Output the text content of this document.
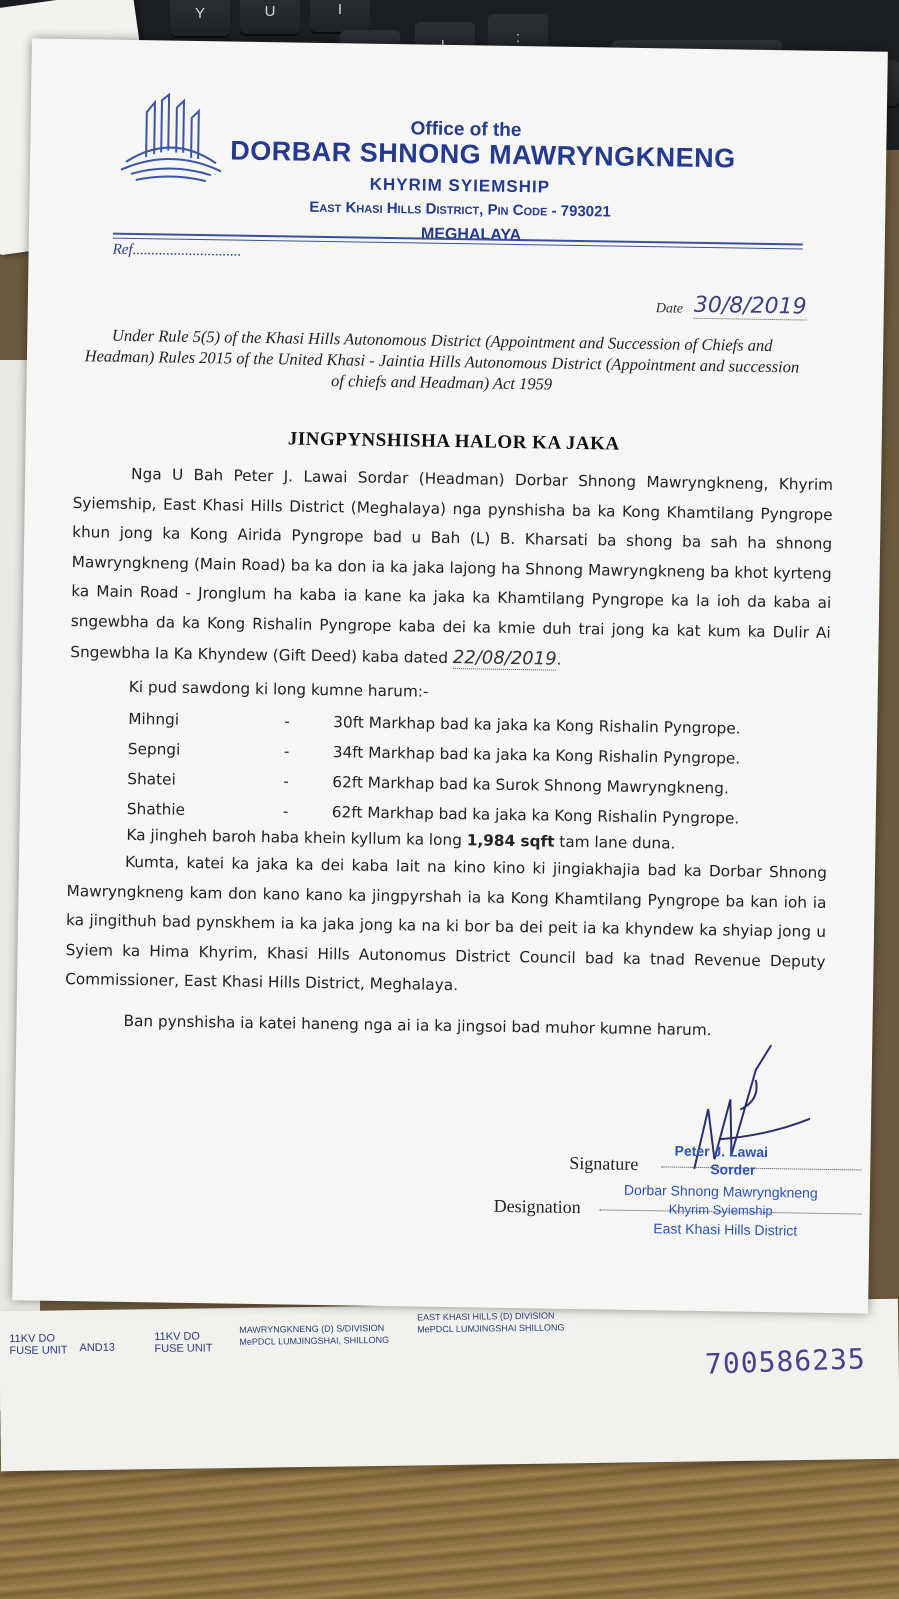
Y	U	I
:
11KV DO FUSE UNIT	AND13
11KV DO FUSE UNIT
MAWRYNGKNENG (D) S/DIVISION MePDCL LUMJINGSHAI, SHILLONG
EAST KHASI HILLS (D) DIVISION MePDCL LUMJINGSHAI SHILLONG
700586235
Office of the
DORBAR SHNONG MAWRYNGKNENG
KHYRIM SYIEMSHIP
East Khasi Hills District, Pin Code - 793021
MEGHALAYA
Ref.............................
Date 30/8/2019
Under Rule 5(5) of the Khasi Hills Autonomous District (Appointment and Succession of Chiefs and Headman) Rules 2015 of the United Khasi - Jaintia Hills Autonomous District (Appointment and succession of chiefs and Headman) Act 1959
JINGPYNSHISHA HALOR KA JAKA
Nga U Bah Peter J. Lawai Sordar (Headman) Dorbar Shnong Mawryngkneng, Khyrim Syiemship, East Khasi Hills District (Meghalaya) nga pynshisha ba ka Kong Khamtilang Pyngrope khun jong ka Kong Airida Pyngrope bad u Bah (L) B. Kharsati ba shong ba sah ha shnong Mawryngkneng (Main Road) ba ka don ia ka jaka lajong ha Shnong Mawryngkneng ba khot kyrteng ka Main Road - Jronglum ha kaba ia kane ka jaka ka Khamtilang Pyngrope ka la ioh da kaba ai sngewbha da ka Kong Rishalin Pyngrope kaba dei ka kmie duh trai jong ka kat kum ka Dulir Ai Sngewbha Ia Ka Khyndew (Gift Deed) kaba dated 22/08/2019.
Ki pud sawdong ki long kumne harum:-
Mihngi	-	30ft Markhap bad ka jaka ka Kong Rishalin Pyngrope.
Sepngi	-	34ft Markhap bad ka jaka ka Kong Rishalin Pyngrope.
Shatei	-	62ft Markhap bad ka Surok Shnong Mawryngkneng.
Shathie	-	62ft Markhap bad ka jaka ka Kong Rishalin Pyngrope.
Ka jingheh baroh haba khein kyllum ka long 1,984 sqft tam lane duna.
Kumta, katei ka jaka ka dei kaba lait na kino kino ki jingiakhajia bad ka Dorbar Shnong Mawryngkneng kam don kano kano ka jingpyrshah ia ka Kong Khamtilang Pyngrope ba kan ioh ia ka jingithuh bad pynskhem ia ka jaka jong ka na ki bor ba dei peit ia ka khyndew ka shyiap jong u Syiem ka Hima Khyrim, Khasi Hills Autonomus District Council bad ka tnad Revenue Deputy Commissioner, East Khasi Hills District, Meghalaya.
Ban pynshisha ia katei haneng nga ai ia ka jingsoi bad muhor kumne harum.
Signature
Peter J. Lawai
Sorder
Designation
Dorbar Shnong Mawryngkneng
Khyrim Syiemship
East Khasi Hills District
